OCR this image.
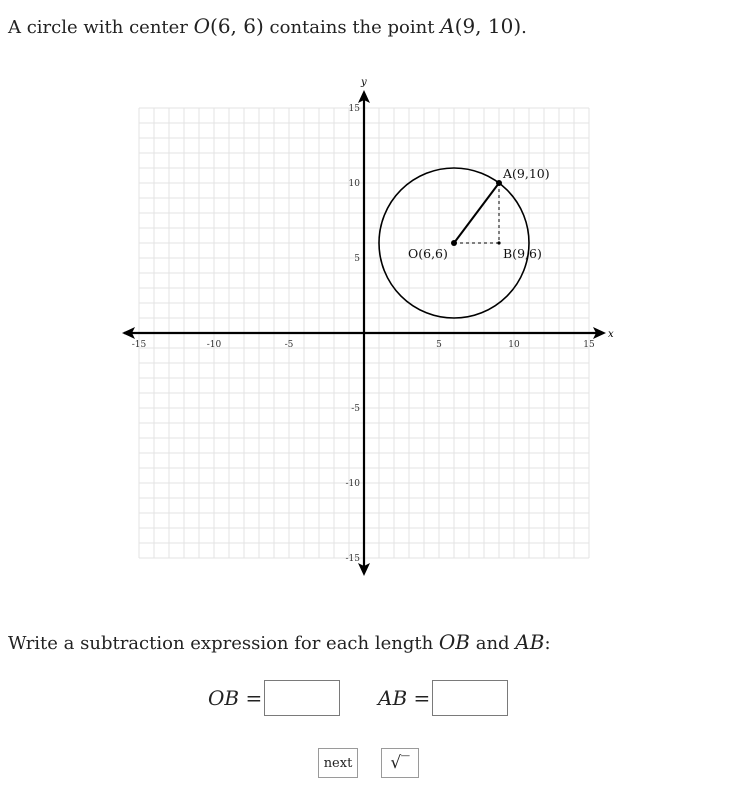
A circle with center O(6, 6) contains the point A(9, 10).

x
y
-15	-10	-5	5	10	15
15
10
5
-5
-10
-15
O(6,6)
A(9,10)
B(9,6)

Write a subtraction expression for each length OB and AB:

OB =	AB =
next	√‾
